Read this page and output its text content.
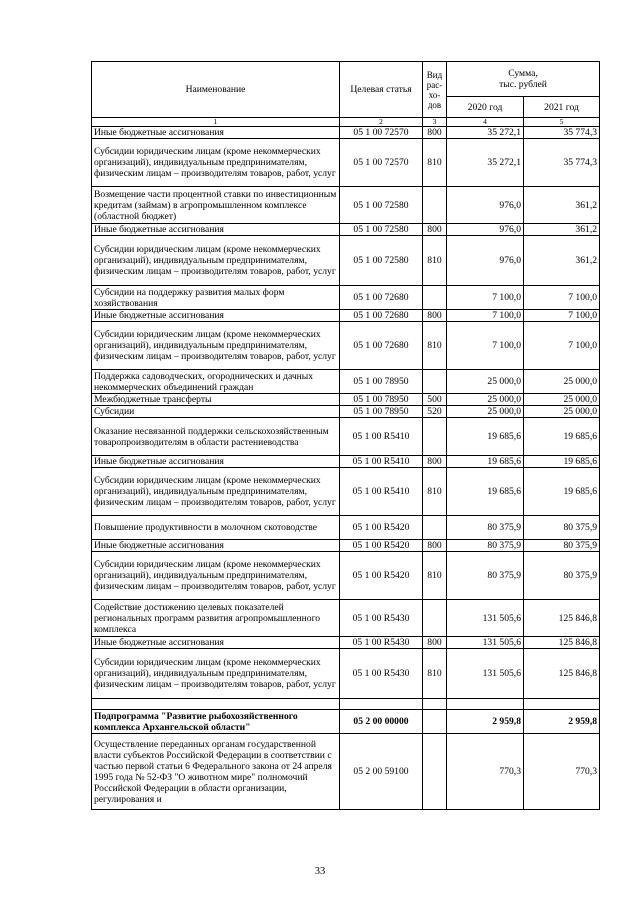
Наименование	Целевая статья	Вид
рас-
хо-
дов	Сумма,
тыс. рублей	
			2020 год	2021 год
1	2	3	4	5
Иные бюджетные ассигнования	05 1 00 72570	800	35 272,1	35 774,3
Субсидии юридическим лицам (кроме некоммерческих организаций), индивидуальным предпринимателям, физическим лицам – производителям товаров, работ, услуг	05 1 00 72570	810	35 272,1	35 774,3
Возмещение части процентной ставки по инвестиционным кредитам (займам) в агропромышленном комплексе (областной бюджет)	05 1 00 72580		976,0	361,2
Иные бюджетные ассигнования	05 1 00 72580	800	976,0	361,2
Субсидии юридическим лицам (кроме некоммерческих организаций), индивидуальным предпринимателям, физическим лицам – производителям товаров, работ, услуг	05 1 00 72580	810	976,0	361,2
Субсидии на поддержку развития малых форм хозяйствования	05 1 00 72680		7 100,0	7 100,0
Иные бюджетные ассигнования	05 1 00 72680	800	7 100,0	7 100,0
Субсидии юридическим лицам (кроме некоммерческих организаций), индивидуальным предпринимателям, физическим лицам – производителям товаров, работ, услуг	05 1 00 72680	810	7 100,0	7 100,0
Поддержка садоводческих, огороднических и дачных некоммерческих объединений граждан	05 1 00 78950		25 000,0	25 000,0
Межбюджетные трансферты	05 1 00 78950	500	25 000,0	25 000,0
Субсидии	05 1 00 78950	520	25 000,0	25 000,0
Оказание несвязанной поддержки сельскохозяйственным товаропроизводителям в области растениеводства	05 1 00 R5410		19 685,6	19 685,6
Иные бюджетные ассигнования	05 1 00 R5410	800	19 685,6	19 685,6
Субсидии юридическим лицам (кроме некоммерческих организаций), индивидуальным предпринимателям, физическим лицам – производителям товаров, работ, услуг	05 1 00 R5410	810	19 685,6	19 685,6
Повышение продуктивности в молочном скотоводстве	05 1 00 R5420		80 375,9	80 375,9
Иные бюджетные ассигнования	05 1 00 R5420	800	80 375,9	80 375,9
Субсидии юридическим лицам (кроме некоммерческих организаций), индивидуальным предпринимателям, физическим лицам – производителям товаров, работ, услуг	05 1 00 R5420	810	80 375,9	80 375,9
Содействие достижению целевых показателей региональных программ развития агропромышленного комплекса	05 1 00 R5430		131 505,6	125 846,8
Иные бюджетные ассигнования	05 1 00 R5430	800	131 505,6	125 846,8
Субсидии юридическим лицам (кроме некоммерческих организаций), индивидуальным предпринимателям, физическим лицам – производителям товаров, работ, услуг	05 1 00 R5430	810	131 505,6	125 846,8

Подпрограмма "Развитие рыбохозяйственного комплекса Архангельской области"	05 2 00 00000		2 959,8	2 959,8
Осуществление переданных органам государственной власти субъектов Российской Федерации в соответствии с частью первой статьи 6 Федерального закона от 24 апреля 1995 года № 52-ФЗ "О животном мире" полномочий Российской Федерации в области организации, регулирования и	05 2 00 59100		770,3	770,3
33
